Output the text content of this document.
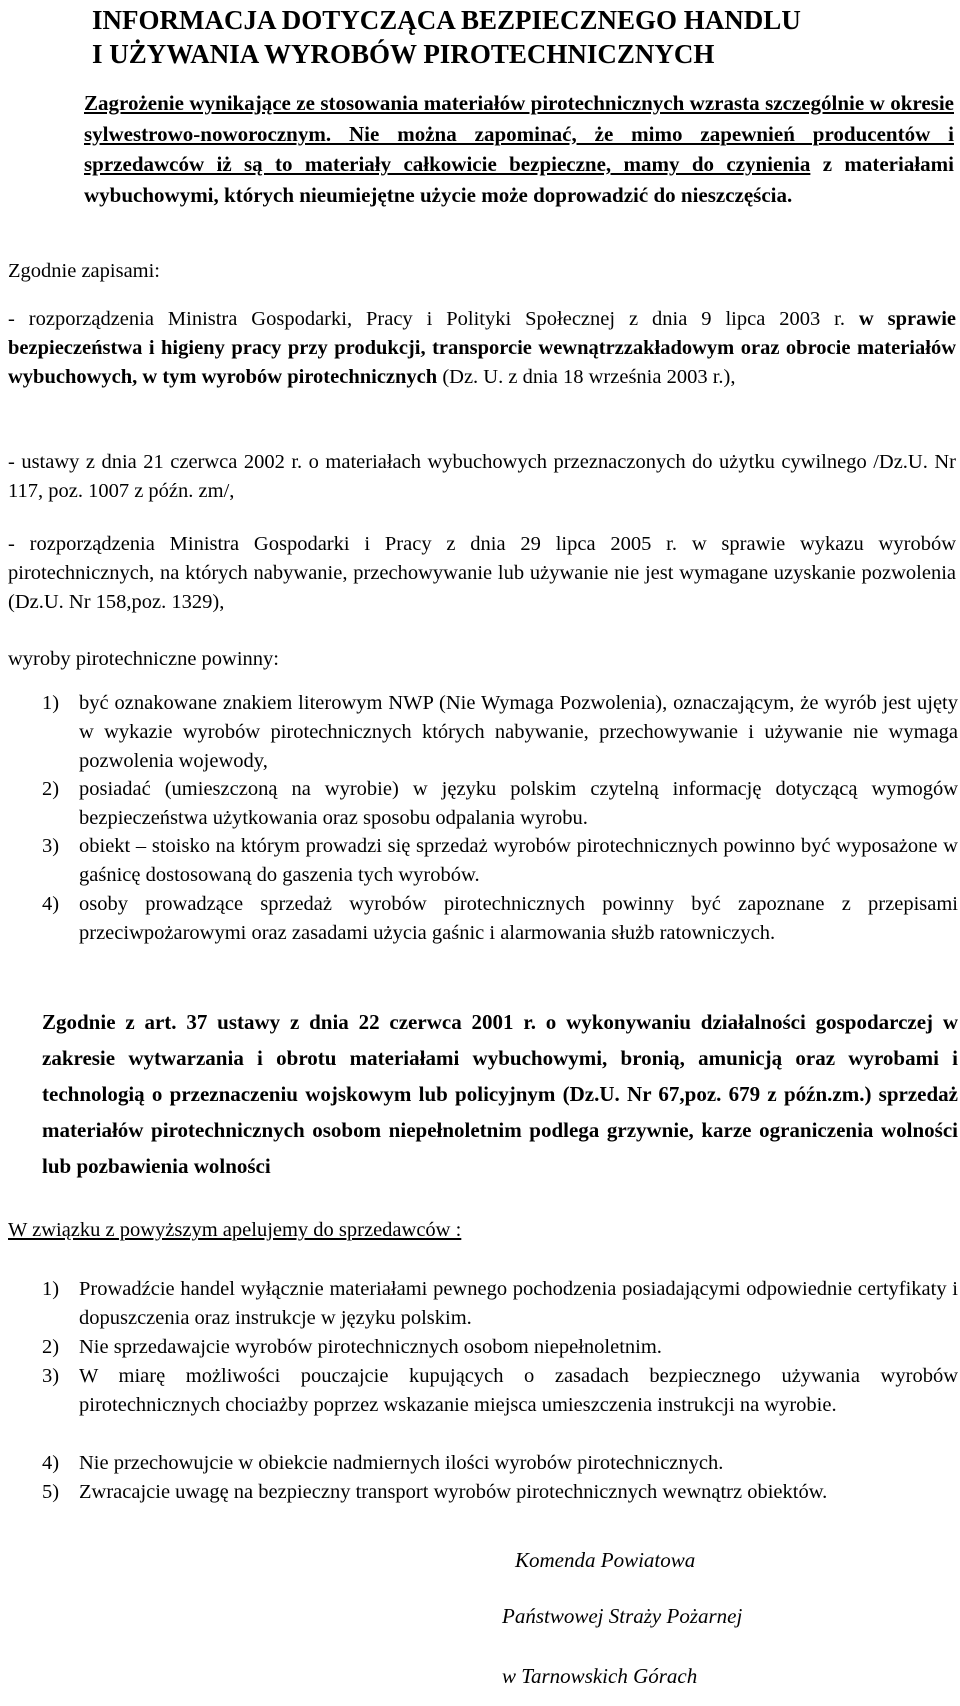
INFORMACJA DOTYCZĄCA BEZPIECZNEGO HANDLU
I UŻYWANIA WYROBÓW PIROTECHNICZNYCH

Zagrożenie wynikające ze stosowania materiałów pirotechnicznych wzrasta szczególnie w okresie sylwestrowo-noworocznym. Nie można zapominać, że mimo zapewnień producentów i sprzedawców iż są to materiały całkowicie bezpieczne, mamy do czynienia z materiałami wybuchowymi, których nieumiejętne użycie może doprowadzić do nieszczęścia.

Zgodnie zapisami:
- rozporządzenia Ministra Gospodarki, Pracy i Polityki Społecznej z dnia 9 lipca 2003 r. w sprawie bezpieczeństwa i higieny pracy przy produkcji, transporcie wewnątrzzakładowym oraz obrocie materiałów wybuchowych, w tym wyrobów pirotechnicznych (Dz. U. z dnia 18 września 2003 r.),
- ustawy z dnia 21 czerwca 2002 r. o materiałach wybuchowych przeznaczonych do użytku cywilnego /Dz.U. Nr 117, poz. 1007 z późn. zm/,
- rozporządzenia Ministra Gospodarki i Pracy z dnia 29 lipca 2005 r. w sprawie wykazu wyrobów pirotechnicznych, na których nabywanie, przechowywanie lub używanie nie jest wymagane uzyskanie pozwolenia (Dz.U. Nr 158,poz. 1329),
wyroby pirotechniczne powinny:
1) być oznakowane znakiem literowym NWP (Nie Wymaga Pozwolenia), oznaczającym, że wyrób jest ujęty w wykazie wyrobów pirotechnicznych których nabywanie, przechowywanie i używanie nie wymaga pozwolenia wojewody,
2) posiadać (umieszczoną na wyrobie) w języku polskim czytelną informację dotyczącą wymogów bezpieczeństwa użytkowania oraz sposobu odpalania wyrobu.
3) obiekt – stoisko na którym prowadzi się sprzedaż wyrobów pirotechnicznych powinno być wyposażone w gaśnicę dostosowaną do gaszenia tych wyrobów.
4) osoby prowadzące sprzedaż wyrobów pirotechnicznych powinny być zapoznane z przepisami przeciwpożarowymi oraz zasadami użycia gaśnic i alarmowania służb ratowniczych.
Zgodnie z art. 37 ustawy z dnia 22 czerwca 2001 r. o wykonywaniu działalności gospodarczej w zakresie wytwarzania i obrotu materiałami wybuchowymi, bronią, amunicją oraz wyrobami i technologią o przeznaczeniu wojskowym lub policyjnym (Dz.U. Nr 67,poz. 679 z późn.zm.) sprzedaż materiałów pirotechnicznych osobom niepełnoletnim podlega grzywnie, karze ograniczenia wolności lub pozbawienia wolności
W związku z powyższym apelujemy do sprzedawców :
1) Prowadźcie handel wyłącznie materiałami pewnego pochodzenia posiadającymi odpowiednie certyfikaty i dopuszczenia oraz instrukcje w języku polskim.
2) Nie sprzedawajcie wyrobów pirotechnicznych osobom niepełnoletnim.
3) W miarę możliwości pouczajcie kupujących o zasadach bezpiecznego używania wyrobów pirotechnicznych chociażby poprzez wskazanie miejsca umieszczenia instrukcji na wyrobie.
4) Nie przechowujcie w obiekcie nadmiernych ilości wyrobów pirotechnicznych.
5) Zwracajcie uwagę na bezpieczny transport wyrobów pirotechnicznych wewnątrz obiektów.
Komenda Powiatowa
Państwowej Straży Pożarnej
w Tarnowskich Górach
